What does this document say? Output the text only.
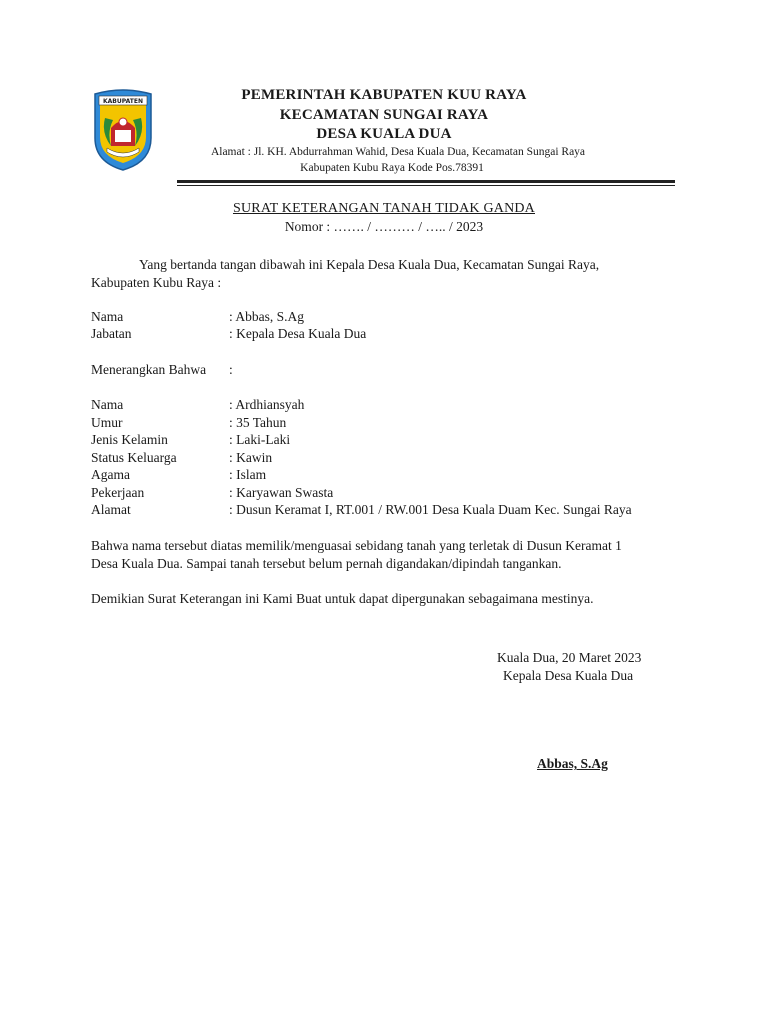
KABUPATEN	PEMERINTAH KABUPATEN KUU RAYA
KECAMATAN SUNGAI RAYA
DESA KUALA DUA
Alamat : Jl. KH. Abdurrahman Wahid, Desa Kuala Dua, Kecamatan Sungai Raya
Kabupaten Kubu Raya Kode Pos.78391
SURAT KETERANGAN TANAH TIDAK GANDA
Nomor : ……. / ……… / ….. / 2023
Yang bertanda tangan dibawah ini Kepala Desa Kuala Dua, Kecamatan Sungai Raya,
Kabupaten Kubu Raya :
Nama	: Abbas, S.Ag
Jabatan	: Kepala Desa Kuala Dua
Menerangkan Bahwa :
Nama	: Ardhiansyah
Umur	: 35 Tahun
Jenis Kelamin	: Laki-Laki
Status Keluarga	: Kawin
Agama	: Islam
Pekerjaan	: Karyawan Swasta
Alamat	: Dusun Keramat I, RT.001 / RW.001 Desa Kuala Duam Kec. Sungai Raya
Bahwa nama tersebut diatas memilik/menguasai sebidang tanah yang terletak di Dusun Keramat 1
Desa Kuala Dua. Sampai tanah tersebut belum pernah digandakan/dipindah tangankan.
Demikian Surat Keterangan ini Kami Buat untuk dapat dipergunakan sebagaimana mestinya.
Kuala Dua, 20 Maret 2023
Kepala Desa Kuala Dua
Abbas, S.Ag
